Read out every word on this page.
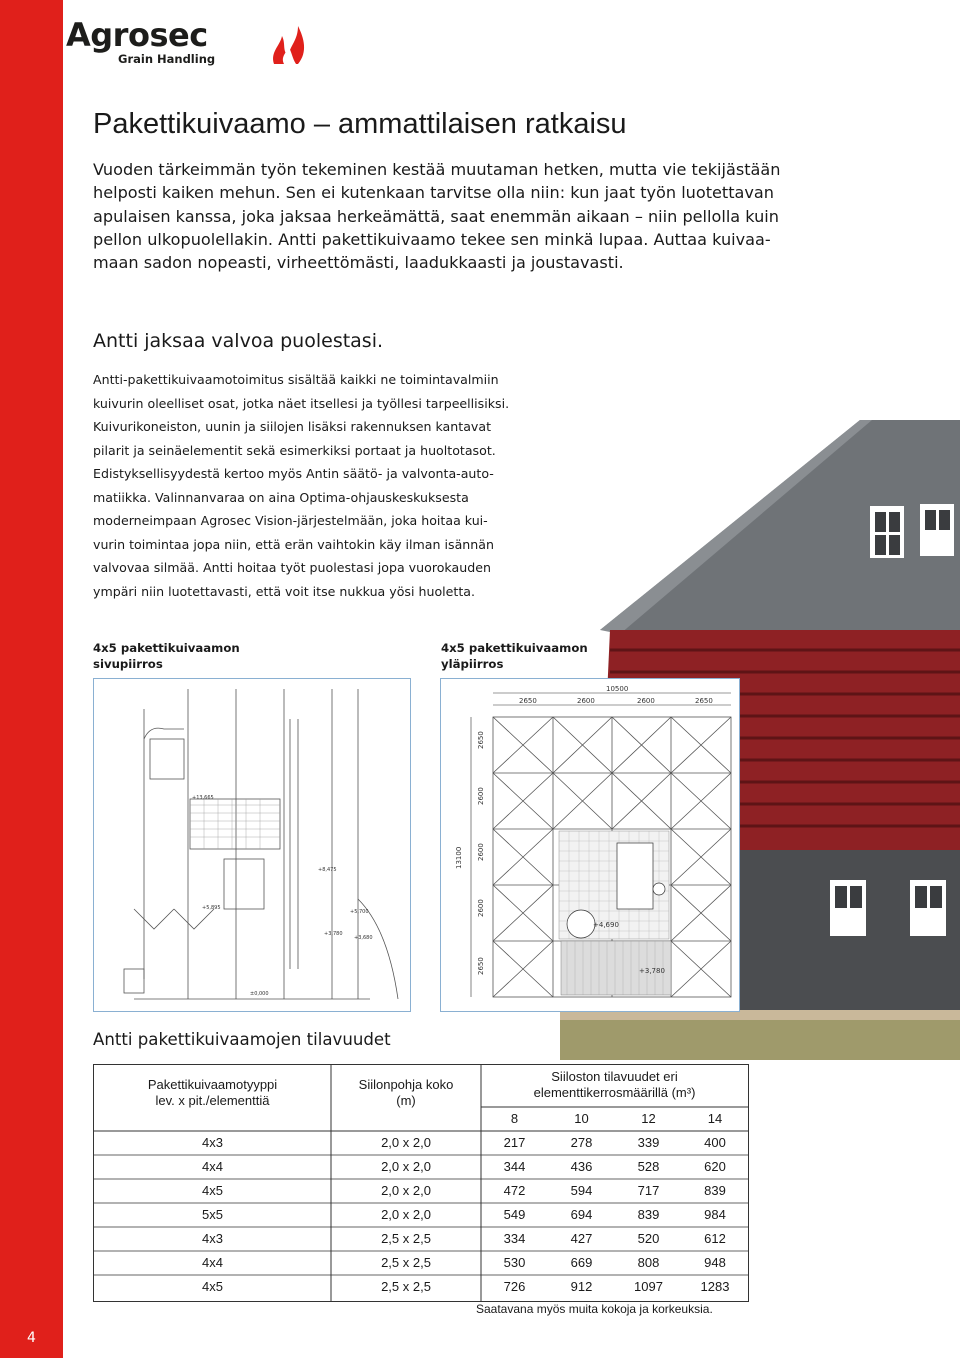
Agrosec
Grain Handling
Pakettikuivaamo – ammattilaisen ratkaisu

Vuoden tärkeimmän työn tekeminen kestää muutaman hetken, mutta vie tekijästään
helposti kaiken mehun. Sen ei kutenkaan tarvitse olla niin: kun jaat työn luotettavan
apulaisen kanssa, joka jaksaa herkeämättä, saat enemmän aikaan – niin pellolla kuin
pellon ulkopuolellakin. Antti pakettikuivaamo tekee sen minkä lupaa. Auttaa kuivaa-
maan sadon nopeasti, virheettömästi, laadukkaasti ja joustavasti.

Antti jaksaa valvoa puolestasi.

Antti-pakettikuivaamotoimitus sisältää kaikki ne toimintavalmiin
kuivurin oleelliset osat, jotka näet itsellesi ja työllesi tarpeellisiksi.
Kuivurikoneiston, uunin ja siilojen lisäksi rakennuksen kantavat
pilarit ja seinäelementit sekä esimerkiksi portaat ja huoltotasot.
Edistyksellisyydestä kertoo myös Antin säätö- ja valvonta-auto-
matiikka. Valinnanvaraa on aina Optima-ohjauskeskuksesta
moderneimpaan Agrosec Vision-järjestelmään, joka hoitaa kui-
vurin toimintaa jopa niin, että erän vaihtokin käy ilman isännän
valvovaa silmää. Antti hoitaa työt puolestasi jopa vuorokauden
ympäri niin luotettavasti, että voit itse nukkua yösi huoletta.

4x5 pakettikuivaamon
sivupiirros
4x5 pakettikuivaamon
yläpiirros
+13,665
+8,475
+5,895
+5,700
+3,780
+3,680
±0,000
10500
2650	2600	2600	2650
13100
2650
2600
2600
2600
2650
+4,690
+3,780
Antti pakettikuivaamojen tilavuudet
Pakettikuivaamotyyppi
lev. x pit./elementtiä
Siilonpohja koko
(m)
Siiloston tilavuudet eri
elementtikerrosmäärillä (m³)
8	10	12	14
4x3	2,0 x 2,0	217	278	339	400
4x4	2,0 x 2,0	344	436	528	620
4x5	2,0 x 2,0	472	594	717	839
5x5	2,0 x 2,0	549	694	839	984
4x3	2,5 x 2,5	334	427	520	612
4x4	2,5 x 2,5	530	669	808	948
4x5	2,5 x 2,5	726	912	1097	1283
Saatavana myös muita kokoja ja korkeuksia.
4
